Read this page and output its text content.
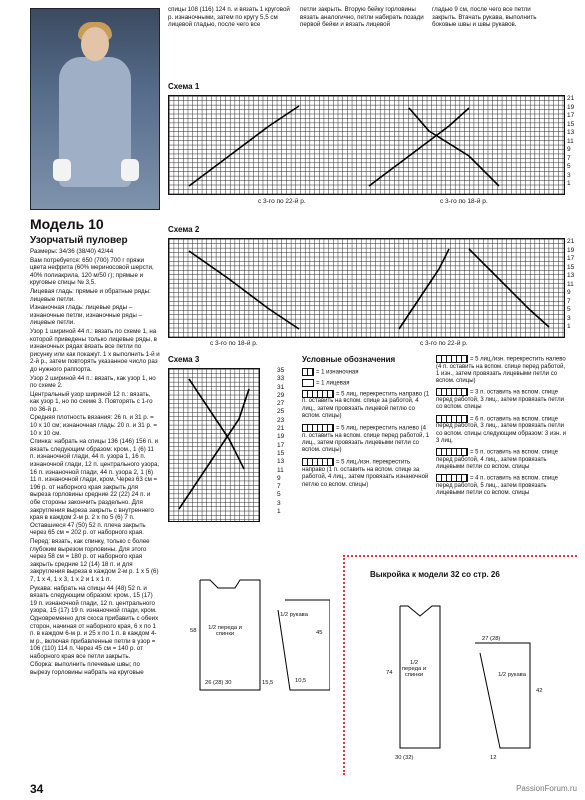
Модель 10
Узорчатый пуловер

Размеры: 34/36 (38/40) 42/44

Вам потребуется: 650 (700) 700 г пряжи цвета нефрита (60% мериносовой шерсти, 40% полиакрила, 120 м/50 г); прямые и круговые спицы № 3,5.

Лицевая гладь: прямые и обратные ряды: лицевые петли.

Изнаночная гладь: лицевые ряды – изнаночные петли, изнаночные ряды – лицевые петли.

Узор 1 шириной 44 п.: вязать по схеме 1, на которой приведены только лицевые ряды, в изнаночных рядах вязать все петли по рисунку или как покажут. 1 х выполнить 1-й и 2-й р., затем повторять указанное число раз до нужного раппорта.

Узор 2 шириной 44 п.: вязать, как узор 1, но по схеме 2.

Центральный узор шириной 12 п.: вязать, как узор 1, но по схеме 3. Повторять с 1-го по 36-й р.

Средняя плотность вязания: 26 п. и 31 р. = 10 х 10 см; изнаночная гладь: 20 п. и 31 р. = 10 х 10 см.

Спинка: набрать на спицы 136 (146) 156 п. и вязать следующим образом: кром., 1 (6) 11 п. изнаночной глади, 44 п. узора 1, 16 п. изнаночной глади, 12 п. центрального узора, 16 п. изнаночной глади, 44 п. узора 2, 1 (6) 11 п. изнаночной глади, кром. Через 63 см = 196 р. от наборного края закрыть для выреза горловины средние 22 (22) 24 п. и обе стороны закончить раздельно. Для закругления выреза закрыть с внутреннего края в каждом 2-м р. 2 х по 5 (6) 7 п. Оставшиеся 47 (50) 52 п. плеча закрыть через 65 см = 202 р. от наборного края.

Перед: вязать, как спинку, только с более глубоким вырезом горловины. Для этого через 58 см = 180 р. от наборного края закрыть средние 12 (14) 18 п. и для закругления выреза в каждом 2-м р. 1 х 5 (6) 7, 1 х 4, 1 х 3, 1 х 2 и 1 х 1 п.

Рукава: набрать на спицы 44 (48) 52 п. и вязать следующим образом: кром., 15 (17) 19 п. изнаночной глади, 12 п. центрального узора, 15 (17) 19 п. изнаночной глади, кром. Одновременно для скоса прибавить с обеих сторон, начиная от наборного края, 6 х по 1 п. в каждом 6-м р. и 25 х по 1 п. в каждом 4-м р., включая прибавленные петли в узор = 106 (110) 114 п. Через 45 см = 140 р. от наборного края все петли закрыть.

Сборка: выполнить плечевые швы; по вырезу горловины набрать на круговые

спицы 108 (116) 124 п. и вязать 1 круговой р. изнаночными, затем по кругу 5,5 см лицевой гладью, после чего все
петли закрыть. Вторую бейку горловины вязать аналогично, петли набирать позади первой бейки и вязать лицевой
гладью 9 см, после чего все петли закрыть. Втачать рукава, выполнить боковые швы и швы рукавов.
Схема 1
21
19
17
15
13
11
9
7
5
3
1
с 3-го по 22-й р.	с 3-го по 18-й р.
Схема 2
21
19
17
15
13
11
9
7
5
3
1
с 3-го по 18-й р.	с 3-го по 22-й р.
Схема 3
35
33
31
29
27
25
23
21
19
17
15
13
11
9
7
5
3
1
Условные обозначения
= 1 изнаночная
= 1 лицевая
= 5 лиц. перекрестить направо (1 п. оставить на вспом. спице за работой, 4 лиц., затем провязать лицевой петлю со вспом. спицы)
= 5 лиц. перекрестить налево (4 п. оставить на вспом. спице перед работой, 1 лиц., затем провязать лицевыми петли со вспом. спицы)
= 5 лиц./изн. перекрестить направо (1 п. оставить на вспом. спице за работой, 4 лиц., затем провязать изнаночной петлю со вспом. спицы)
= 5 лиц./изн. перекрестить налево (4 п. оставить на вспом. спице перед работой, 1 изн., затем провязать лицевыми петли со вспом. спицы)
= 3 п. оставить на вспом. спице перед работой, 3 лиц., затем провязать петли со вспом. спицы
= 6 п. оставить на вспом. спице перед работой, 3 лиц., затем провязать петли со вспом. спицы следующим образом: 3 изн. и 3 лиц.
= 5 п. оставить на вспом. спице перед работой, 4 лиц., затем провязать лицевыми петли со вспом. спицы
= 4 п. оставить на вспом. спице перед работой, 5 лиц., затем провязать лицевыми петли со вспом. спицы
1/2 переда и спинки
58
26 (28) 30
1/2 рукава
45
15,5	10,5
Выкройка к модели 32 со стр. 26
1/2 переда и спинки
74
30 (32)
1/2 рукава
27 (28)
42
12
34	PassionForum.ru
